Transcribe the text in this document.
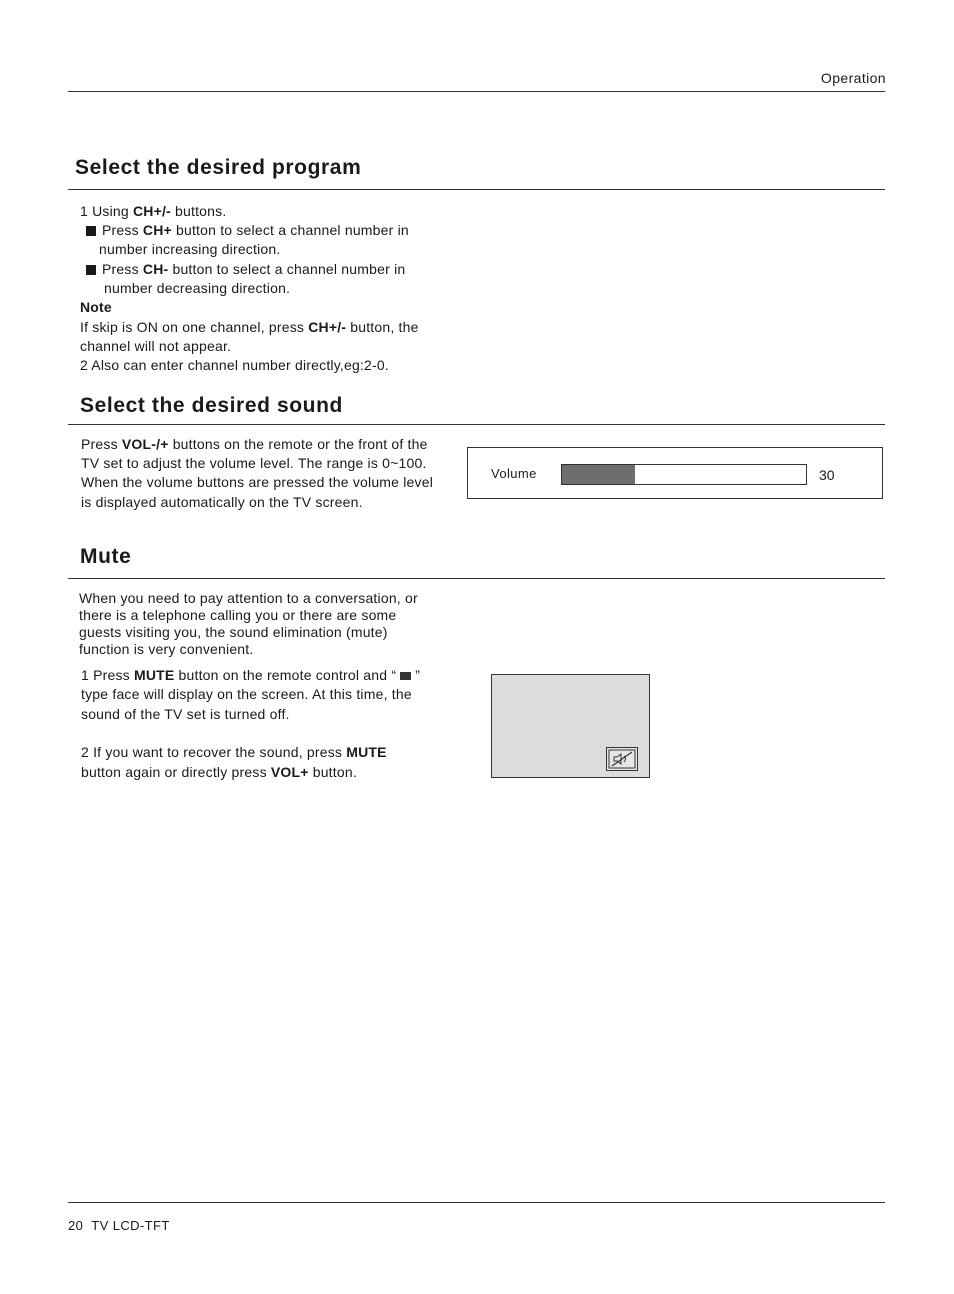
Operation
Select the desired program

1 Using CH+/- buttons.

Press CH+ button to select a channel number in

number increasing direction.

Press CH- button to select a channel number in

number decreasing direction.

Note

If skip is ON on one channel, press CH+/- button, the

channel will not appear.

2 Also can enter channel number directly,eg:2-0.

Select the desired sound

Press VOL-/+ buttons on the remote or the front of the

TV set to adjust the volume level. The range is 0~100.

When the volume buttons are pressed the volume level

is displayed automatically on the TV screen.

Volume	30
Mute

When you need to pay attention to a conversation, or

there is a telephone calling you or there are some

guests visiting you, the sound elimination (mute)

function is very convenient.

1 Press MUTE button on the remote control and “ ”

type face will display on the screen. At this time, the

sound of the TV set is turned off.

2 If you want to recover the sound, press MUTE

button again or directly press VOL+ button.

20 TV LCD-TFT
